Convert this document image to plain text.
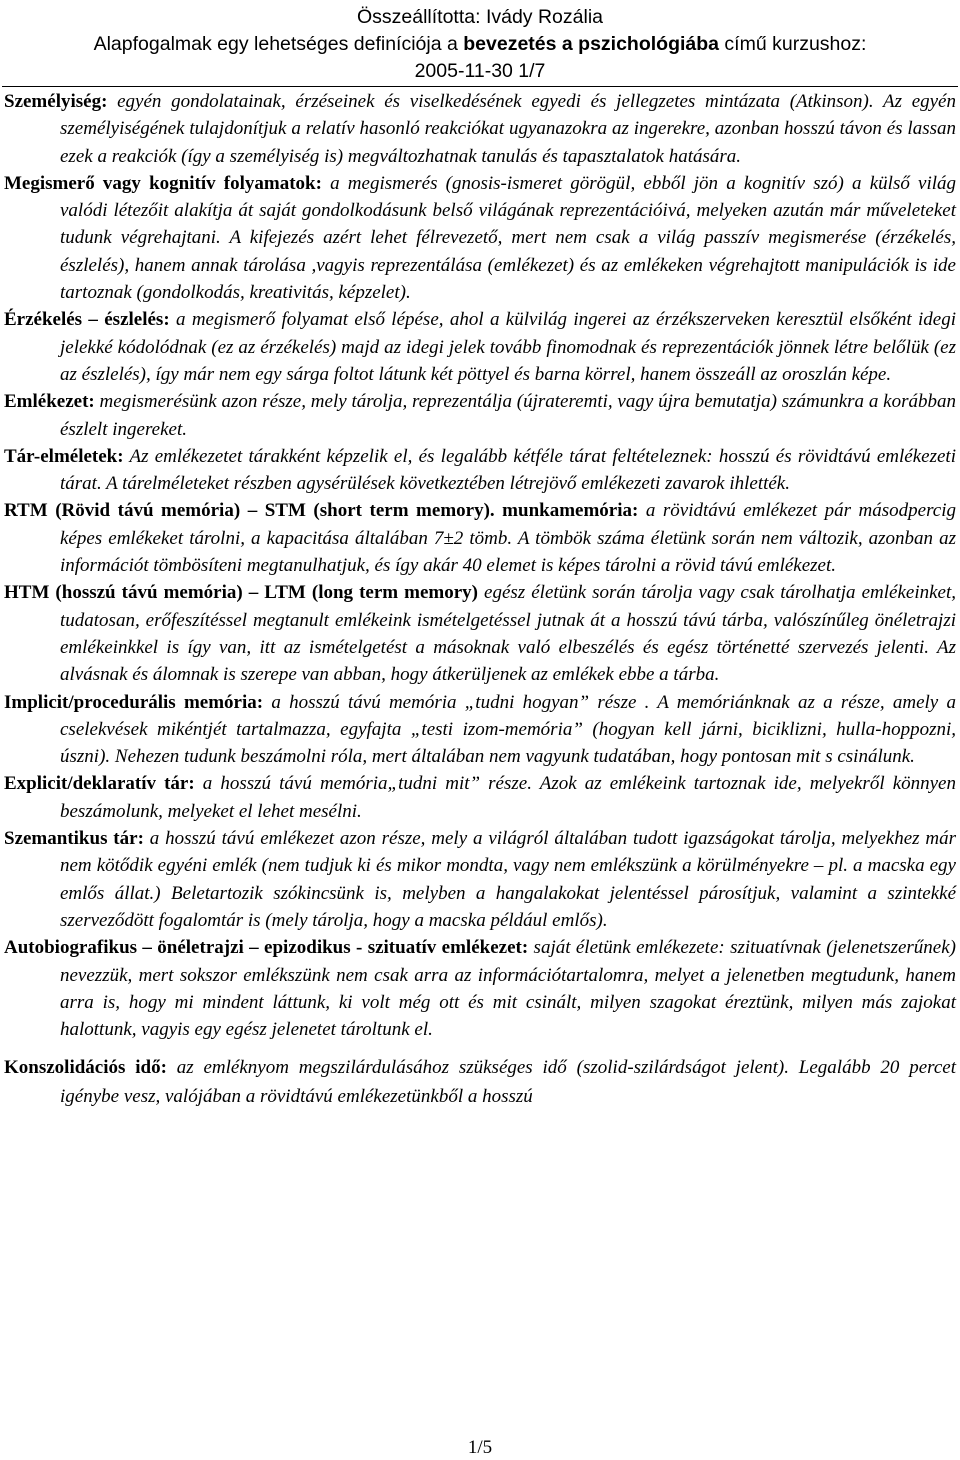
Összeállította: Ivády Rozália
Alapfogalmak egy lehetséges definíciója a bevezetés a pszichológiába című kurzushoz:
2005-11-30 1/7

Személyiség: egyén gondolatainak, érzéseinek és viselkedésének egyedi és jellegzetes mintázata (Atkinson). Az egyén személyiségének tulajdonítjuk a relatív hasonló reakciókat ugyanazokra az ingerekre, azonban hosszú távon és lassan ezek a reakciók (így a személyiség is) megváltozhatnak tanulás és tapasztalatok hatására.

Megismerő vagy kognitív folyamatok: a megismerés (gnosis-ismeret görögül, ebből jön a kognitív szó) a külső világ valódi létezőit alakítja át saját gondolkodásunk belső világának reprezentációivá, melyeken azután már műveleteket tudunk végrehajtani. A kifejezés azért lehet félrevezető, mert nem csak a világ passzív megismerése (érzékelés, észlelés), hanem annak tárolása ,vagyis reprezentálása (emlékezet) és az emlékeken végrehajtott manipulációk is ide tartoznak (gondolkodás, kreativitás, képzelet).

Érzékelés – észlelés: a megismerő folyamat első lépése, ahol a külvilág ingerei az érzékszerveken keresztül elsőként idegi jelekké kódolódnak (ez az érzékelés) majd az idegi jelek tovább finomodnak és reprezentációk jönnek létre belőlük (ez az észlelés), így már nem egy sárga foltot látunk két pöttyel és barna körrel, hanem összeáll az oroszlán képe.

Emlékezet: megismerésünk azon része, mely tárolja, reprezentálja (újrateremti, vagy újra bemutatja) számunkra a korábban észlelt ingereket.

Tár-elméletek: Az emlékezetet tárakként képzelik el, és legalább kétféle tárat feltételeznek: hosszú és rövidtávú emlékezeti tárat. A tárelméleteket részben agysérülések következtében létrejövő emlékezeti zavarok ihlették.

RTM (Rövid távú memória) – STM (short term memory). munkamemória: a rövidtávú emlékezet pár másodpercig képes emlékeket tárolni, a kapacitása általában 7±2 tömb. A tömbök száma életünk során nem változik, azonban az információt tömbösíteni megtanulhatjuk, és így akár 40 elemet is képes tárolni a rövid távú emlékezet.

HTM (hosszú távú memória) – LTM (long term memory) egész életünk során tárolja vagy csak tárolhatja emlékeinket, tudatosan, erőfeszítéssel megtanult emlékeink ismételgetéssel jutnak át a hosszú távú tárba, valószínűleg önéletrajzi emlékeinkkel is így van, itt az ismételgetést a másoknak való elbeszélés és egész történetté szervezés jelenti. Az alvásnak és álomnak is szerepe van abban, hogy átkerüljenek az emlékek ebbe a tárba.

Implicit/procedurális memória: a hosszú távú memória „tudni hogyan” része . A memóriánknak az a része, amely a cselekvések mikéntjét tartalmazza, egyfajta „testi izom-memória” (hogyan kell járni, biciklizni, hulla-hoppozni, úszni). Nehezen tudunk beszámolni róla, mert általában nem vagyunk tudatában, hogy pontosan mit s csinálunk.

Explicit/deklaratív tár: a hosszú távú memória„tudni mit” része. Azok az emlékeink tartoznak ide, melyekről könnyen beszámolunk, melyeket el lehet mesélni.

Szemantikus tár: a hosszú távú emlékezet azon része, mely a világról általában tudott igazságokat tárolja, melyekhez már nem kötődik egyéni emlék (nem tudjuk ki és mikor mondta, vagy nem emlékszünk a körülményekre – pl. a macska egy emlős állat.) Beletartozik szókincsünk is, melyben a hangalakokat jelentéssel párosítjuk, valamint a szintekké szerveződött fogalomtár is (mely tárolja, hogy a macska például emlős).

Autobiografikus – önéletrajzi – epizodikus - szituatív emlékezet: saját életünk emlékezete: szituatívnak (jelenetszerűnek) nevezzük, mert sokszor emlékszünk nem csak arra az információtartalomra, melyet a jelenetben megtudunk, hanem arra is, hogy mi mindent láttunk, ki volt még ott és mit csinált, milyen szagokat éreztünk, milyen más zajokat halottunk, vagyis egy egész jelenetet tároltunk el.

Konszolidációs idő: az emléknyom megszilárdulásához szükséges idő (szolid-szilárdságot jelent). Legalább 20 percet igénybe vesz, valójában a rövidtávú emlékezetünkből a hosszú

1/5
